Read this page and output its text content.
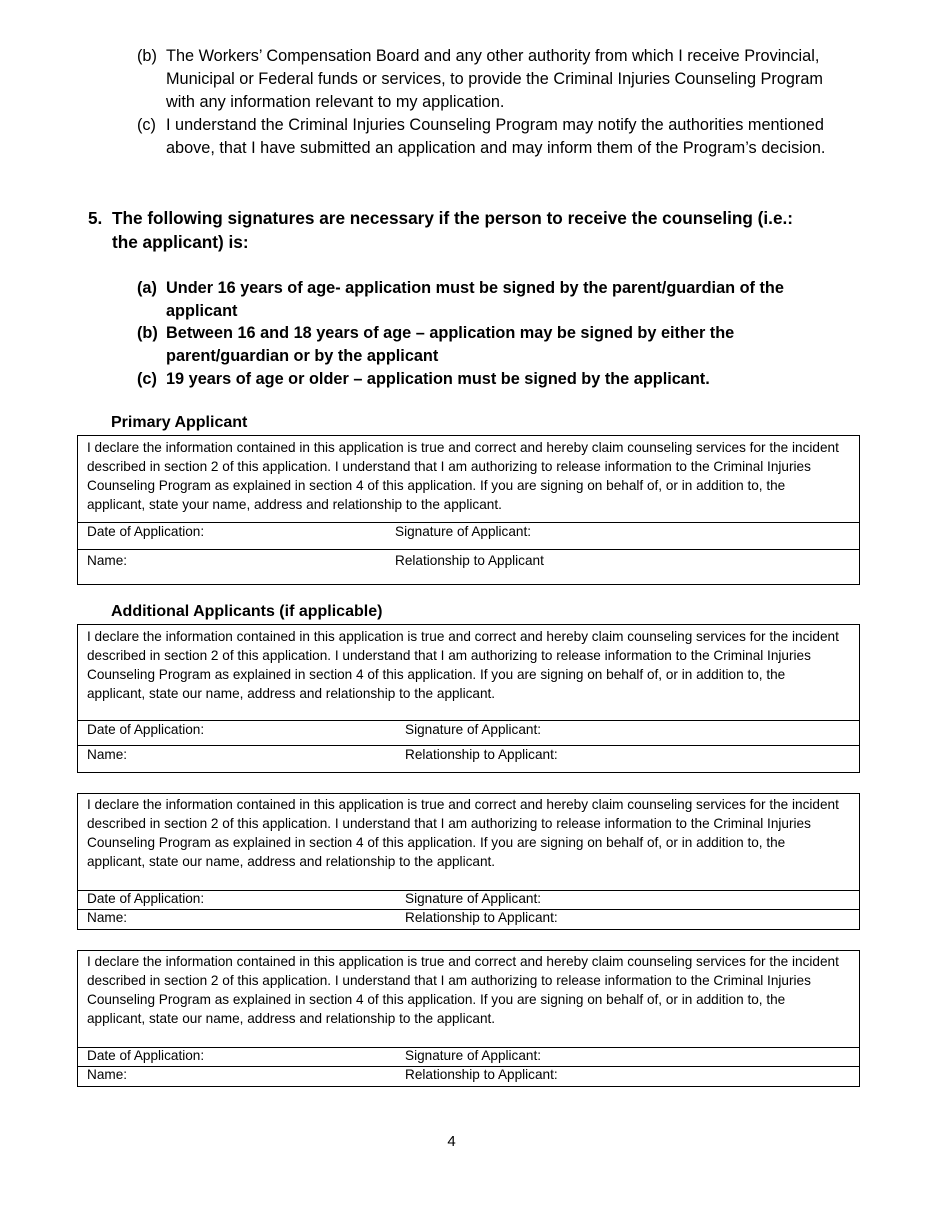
(b) The Workers’ Compensation Board and any other authority from which I receive Provincial, Municipal or Federal funds or services, to provide the Criminal Injuries Counseling Program with any information relevant to my application.
(c) I understand the Criminal Injuries Counseling Program may notify the authorities mentioned above, that I have submitted an application and may inform them of the Program’s decision.
5. The following signatures are necessary if the person to receive the counseling (i.e.: the applicant) is:
(a) Under 16 years of age- application must be signed by the parent/guardian of the applicant
(b) Between 16 and 18 years of age – application may be signed by either the parent/guardian or by the applicant
(c) 19 years of age or older – application must be signed by the applicant.
Primary Applicant
I declare the information contained in this application is true and correct and hereby claim counseling services for the incident described in section 2 of this application. I understand that I am authorizing to release information to the Criminal Injuries Counseling Program as explained in section 4 of this application. If you are signing on behalf of, or in addition to, the applicant, state your name, address and relationship to the applicant.
Date of Application:	Signature of Applicant:
Name:	Relationship to Applicant
Additional Applicants (if applicable)
I declare the information contained in this application is true and correct and hereby claim counseling services for the incident described in section 2 of this application. I understand that I am authorizing to release information to the Criminal Injuries Counseling Program as explained in section 4 of this application. If you are signing on behalf of, or in addition to, the applicant, state our name, address and relationship to the applicant.
Date of Application:	Signature of Applicant:
Name:	Relationship to Applicant:
I declare the information contained in this application is true and correct and hereby claim counseling services for the incident described in section 2 of this application. I understand that I am authorizing to release information to the Criminal Injuries Counseling Program as explained in section 4 of this application. If you are signing on behalf of, or in addition to, the applicant, state our name, address and relationship to the applicant.
Date of Application:	Signature of Applicant:
Name:	Relationship to Applicant:
I declare the information contained in this application is true and correct and hereby claim counseling services for the incident described in section 2 of this application. I understand that I am authorizing to release information to the Criminal Injuries Counseling Program as explained in section 4 of this application. If you are signing on behalf of, or in addition to, the applicant, state our name, address and relationship to the applicant.
Date of Application:	Signature of Applicant:
Name:	Relationship to Applicant:
4
